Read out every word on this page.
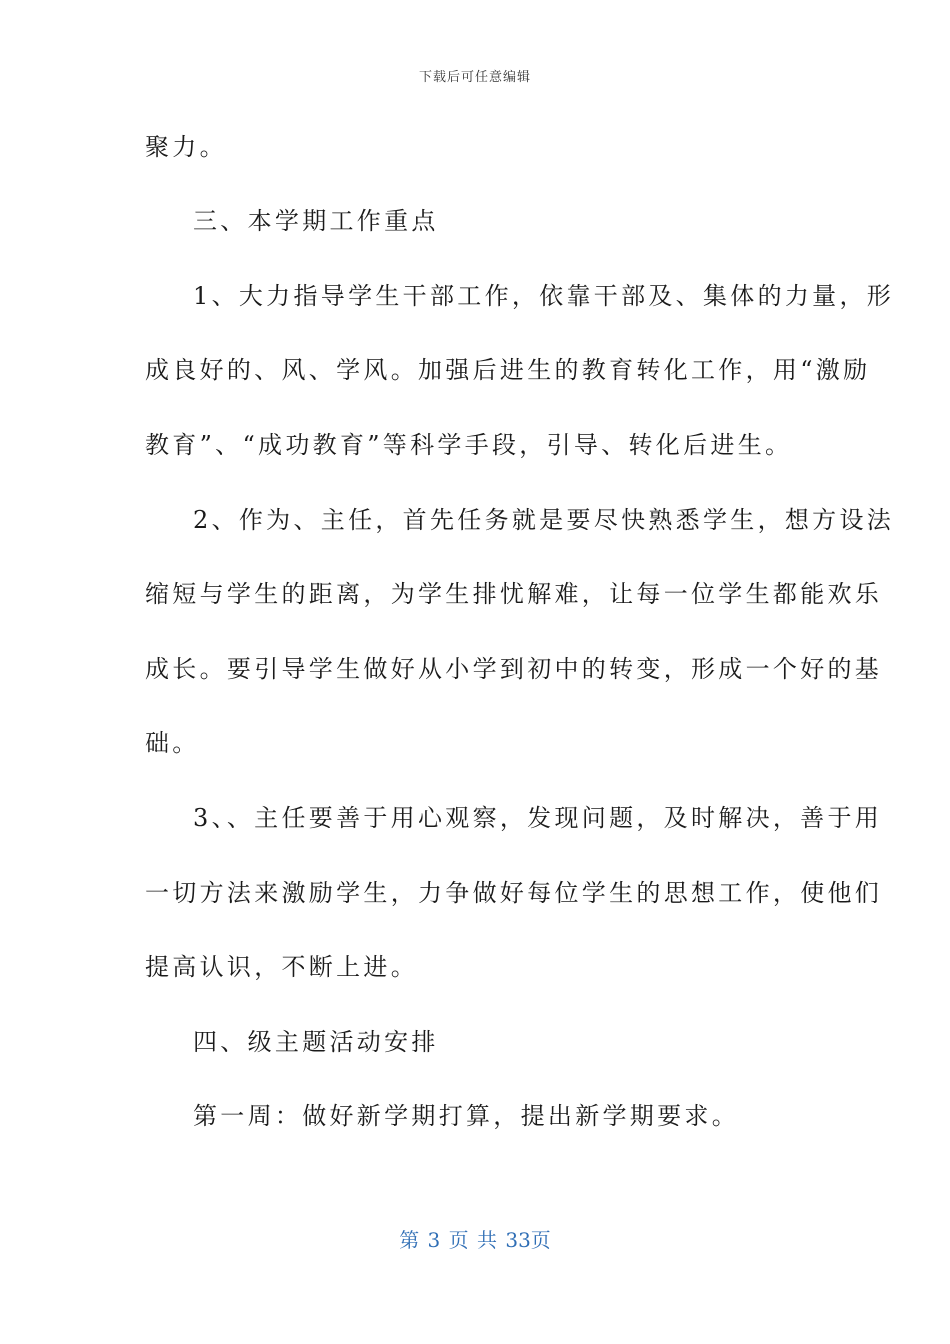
下载后可任意编辑
聚力。
三、本学期工作重点
1、大力指导学生干部工作，依靠干部及、集体的力量，形
成良好的、风、学风。加强后进生的教育转化工作，用“激励
教育”、“成功教育”等科学手段，引导、转化后进生。
2、作为、主任，首先任务就是要尽快熟悉学生，想方设法
缩短与学生的距离，为学生排忧解难，让每一位学生都能欢乐
成长。要引导学生做好从小学到初中的转变，形成一个好的基
础。
3、、主任要善于用心观察，发现问题，及时解决，善于用
一切方法来激励学生，力争做好每位学生的思想工作，使他们
提高认识，不断上进。
四、级主题活动安排
第一周：做好新学期打算，提出新学期要求。
第 3 页 共 33页
